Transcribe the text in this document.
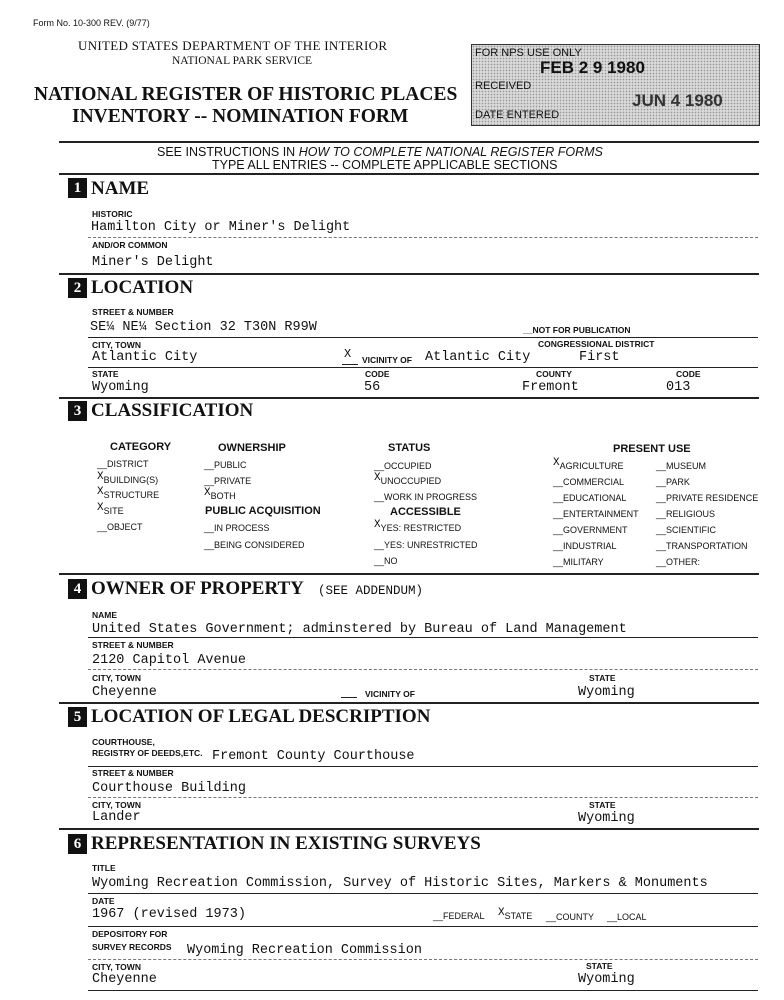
Form No. 10-300 REV. (9/77)
UNITED STATES DEPARTMENT OF THE INTERIOR
NATIONAL PARK SERVICE
NATIONAL REGISTER OF HISTORIC PLACES
INVENTORY -- NOMINATION FORM
FOR NPS USE ONLY
RECEIVED
DATE ENTERED
FEB 2 9 1980
JUN 4 1980
SEE INSTRUCTIONS IN HOW TO COMPLETE NATIONAL REGISTER FORMS
TYPE ALL ENTRIES -- COMPLETE APPLICABLE SECTIONS
1 NAME
HISTORIC
Hamilton City or Miner's Delight
AND/OR COMMON
Miner's Delight
2 LOCATION
STREET & NUMBER
SE¼ NE¼ Section 32 T30N R99W	__NOT FOR PUBLICATION
CITY, TOWN	CONGRESSIONAL DISTRICT
Atlantic City	X VICINITY OF Atlantic City	First
STATE	CODE	COUNTY	CODE
Wyoming	56	Fremont	013
3 CLASSIFICATION
CATEGORY	OWNERSHIP	STATUS	PRESENT USE
PUBLIC ACQUISITION	ACCESSIBLE
__DISTRICT
XBUILDING(S)
XSTRUCTURE
XSITE
__OBJECT
__PUBLIC
__PRIVATE
XBOTH
__IN PROCESS
__BEING CONSIDERED
__OCCUPIED
XUNOCCUPIED
__WORK IN PROGRESS
XYES: RESTRICTED
__YES: UNRESTRICTED
__NO
XAGRICULTURE
__COMMERCIAL
__EDUCATIONAL
__ENTERTAINMENT
__GOVERNMENT
__INDUSTRIAL
__MILITARY
__MUSEUM
__PARK
__PRIVATE RESIDENCE
__RELIGIOUS
__SCIENTIFIC
__TRANSPORTATION
__OTHER:
4 OWNER OF PROPERTY (SEE ADDENDUM)
NAME
United States Government; adminstered by Bureau of Land Management
STREET & NUMBER
2120 Capitol Avenue
CITY, TOWN	STATE
Cheyenne	VICINITY OF	Wyoming
5 LOCATION OF LEGAL DESCRIPTION
COURTHOUSE,
REGISTRY OF DEEDS,ETC. Fremont County Courthouse
STREET & NUMBER
Courthouse Building
CITY, TOWN	STATE
Lander	Wyoming
6 REPRESENTATION IN EXISTING SURVEYS
TITLE
Wyoming Recreation Commission, Survey of Historic Sites, Markers & Monuments
DATE
1967 (revised 1973)	__FEDERAL XSTATE __COUNTY __LOCAL
DEPOSITORY FOR
SURVEY RECORDS Wyoming Recreation Commission
CITY, TOWN	STATE
Cheyenne	Wyoming
